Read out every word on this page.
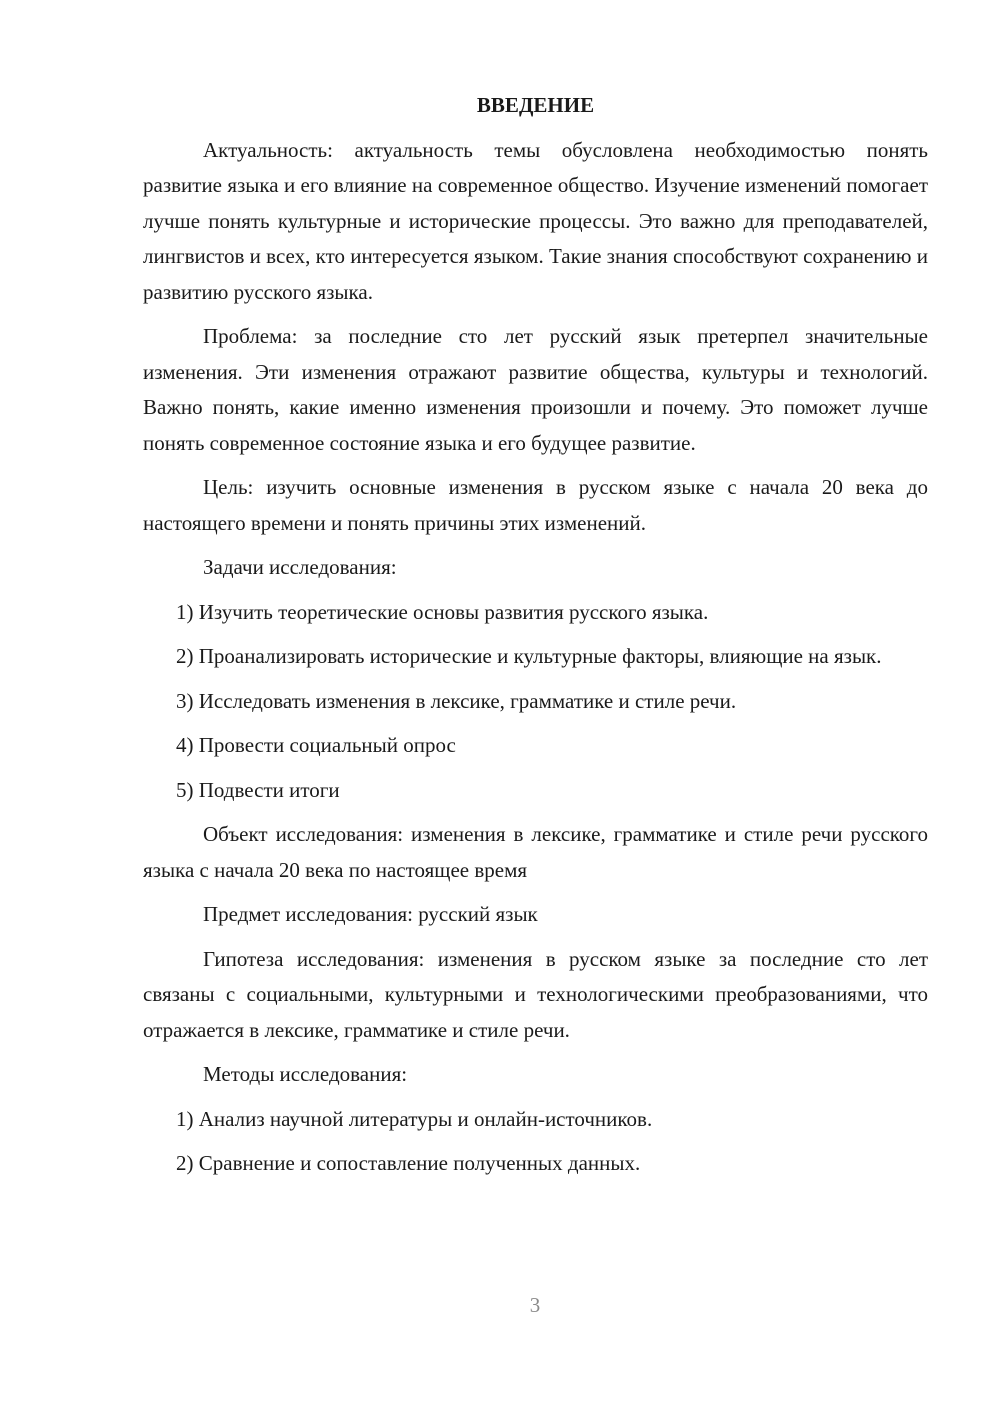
ВВЕДЕНИЕ

Актуальность: актуальность темы обусловлена необходимостью понять развитие языка и его влияние на современное общество. Изучение изменений помогает лучше понять культурные и исторические процессы. Это важно для преподавателей, лингвистов и всех, кто интересуется языком. Такие знания способствуют сохранению и развитию русского языка.

Проблема: за последние сто лет русский язык претерпел значительные изменения. Эти изменения отражают развитие общества, культуры и технологий. Важно понять, какие именно изменения произошли и почему. Это поможет лучше понять современное состояние языка и его будущее развитие.

Цель: изучить основные изменения в русском языке с начала 20 века до настоящего времени и понять причины этих изменений.

Задачи исследования:

1) Изучить теоретические основы развития русского языка.

2) Проанализировать исторические и культурные факторы, влияющие на язык.

3) Исследовать изменения в лексике, грамматике и стиле речи.

4) Провести социальный опрос

5) Подвести итоги

Объект исследования: изменения в лексике, грамматике и стиле речи русского языка с начала 20 века по настоящее время

Предмет исследования: русский язык

Гипотеза исследования: изменения в русском языке за последние сто лет связаны с социальными, культурными и технологическими преобразованиями, что отражается в лексике, грамматике и стиле речи.

Методы исследования:

1) Анализ научной литературы и онлайн-источников.

2) Сравнение и сопоставление полученных данных.

3
